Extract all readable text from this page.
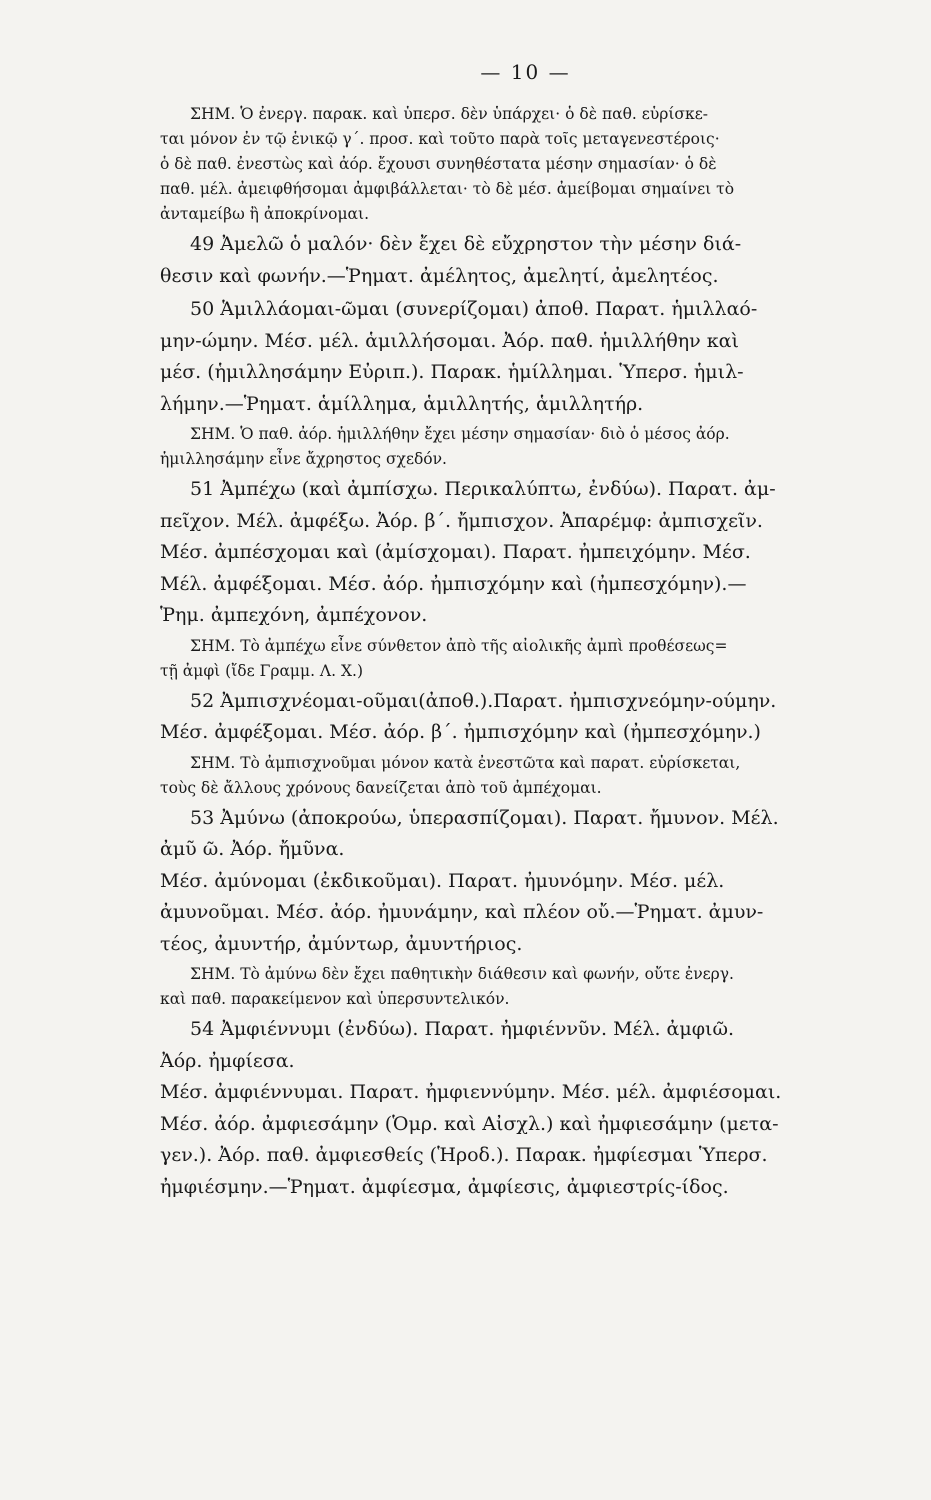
— 10 —
ΣΗΜ. Ὁ ἐνεργ. παρακ. καὶ ὑπερσ. δὲν ὑπάρχει· ὁ δὲ παθ. εὑρίσκε-
ται μόνον ἐν τῷ ἑνικῷ γ΄. προσ. καὶ τοῦτο παρὰ τοῖς μεταγενεστέροις·
ὁ δὲ παθ. ἐνεστὼς καὶ ἀόρ. ἔχουσι συνηθέστατα μέσην σημασίαν· ὁ δὲ
παθ. μέλ. ἀμειφθήσομαι ἀμφιβάλλεται· τὸ δὲ μέσ. ἀμείβομαι σημαίνει τὸ
ἀνταμείβω ἢ ἀποκρίνομαι.
49 Ἀμελῶ ὁ μαλόν· δὲν ἔχει δὲ εὔχρηστον τὴν μέσην διά-
θεσιν καὶ φωνήν.—Ῥηματ. ἀμέλητος, ἀμελητί, ἀμελητέος.
50 Ἁμιλλάομαι-ῶμαι (συνερίζομαι) ἀποθ. Παρατ. ἡμιλλαό-
μην-ώμην. Μέσ. μέλ. ἁμιλλήσομαι. Ἀόρ. παθ. ἡμιλλήθην καὶ
μέσ. (ἡμιλλησάμην Εὐριπ.). Παρακ. ἡμίλλημαι. Ὑπερσ. ἡμιλ-
λήμην.—Ῥηματ. ἁμίλλημα, ἁμιλλητής, ἁμιλλητήρ.
ΣΗΜ. Ὁ παθ. ἀόρ. ἡμιλλήθην ἔχει μέσην σημασίαν· διὸ ὁ μέσος ἀόρ.
ἡμιλλησάμην εἶνε ἄχρηστος σχεδόν.
51 Ἀμπέχω (καὶ ἀμπίσχω. Περικαλύπτω, ἐνδύω). Παρατ. ἀμ-
πεῖχον. Μέλ. ἀμφέξω. Ἀόρ. β΄. ἤμπισχον. Ἀπαρέμφ: ἀμπισχεῖν.
Μέσ. ἀμπέσχομαι καὶ (ἀμίσχομαι). Παρατ. ἠμπειχόμην. Μέσ.
Μέλ. ἀμφέξομαι. Μέσ. ἀόρ. ἠμπισχόμην καὶ (ἠμπεσχόμην).—
Ῥημ. ἀμπεχόνη, ἀμπέχονον.
ΣΗΜ. Τὸ ἀμπέχω εἶνε σύνθετον ἀπὸ τῆς αἰολικῆς ἀμπὶ προθέσεως=
τῇ ἀμφὶ (ἴδε Γραμμ. Λ. Χ.)
52 Ἀμπισχνέομαι-οῦμαι(ἀποθ.).Παρατ. ἠμπισχνεόμην-ούμην.
Μέσ. ἀμφέξομαι. Μέσ. ἀόρ. β΄. ἠμπισχόμην καὶ (ἠμπεσχόμην.)
ΣΗΜ. Τὸ ἀμπισχνοῦμαι μόνον κατὰ ἐνεστῶτα καὶ παρατ. εὑρίσκεται,
τοὺς δὲ ἄλλους χρόνους δανείζεται ἀπὸ τοῦ ἀμπέχομαι.
53 Ἀμύνω (ἀποκρούω, ὑπερασπίζομαι). Παρατ. ἤμυνον. Μέλ.
ἀμῦ ῶ. Ἀόρ. ἤμῦνα.
Μέσ. ἀμύνομαι (ἐκδικοῦμαι). Παρατ. ἠμυνόμην. Μέσ. μέλ.
ἀμυνοῦμαι. Μέσ. ἀόρ. ἠμυνάμην, καὶ πλέον οὔ.—Ῥηματ. ἀμυν-
τέος, ἀμυντήρ, ἀμύντωρ, ἀμυντήριος.
ΣΗΜ. Τὸ ἀμύνω δὲν ἔχει παθητικὴν διάθεσιν καὶ φωνήν, οὔτε ἐνεργ.
καὶ παθ. παρακείμενον καὶ ὑπερσυντελικόν.
54 Ἀμφιέννυμι (ἐνδύω). Παρατ. ἠμφιέννῦν. Μέλ. ἀμφιῶ.
Ἀόρ. ἠμφίεσα.
Μέσ. ἀμφιέννυμαι. Παρατ. ἠμφιεννύμην. Μέσ. μέλ. ἀμφιέσομαι.
Μέσ. ἀόρ. ἀμφιεσάμην (Ὁμρ. καὶ Αἰσχλ.) καὶ ἠμφιεσάμην (μετα-
γεν.). Ἀόρ. παθ. ἀμφιεσθείς (Ἡροδ.). Παρακ. ἠμφίεσμαι Ὑπερσ.
ἠμφιέσμην.—Ῥηματ. ἀμφίεσμα, ἀμφίεσις, ἀμφιεστρίς-ίδος.
